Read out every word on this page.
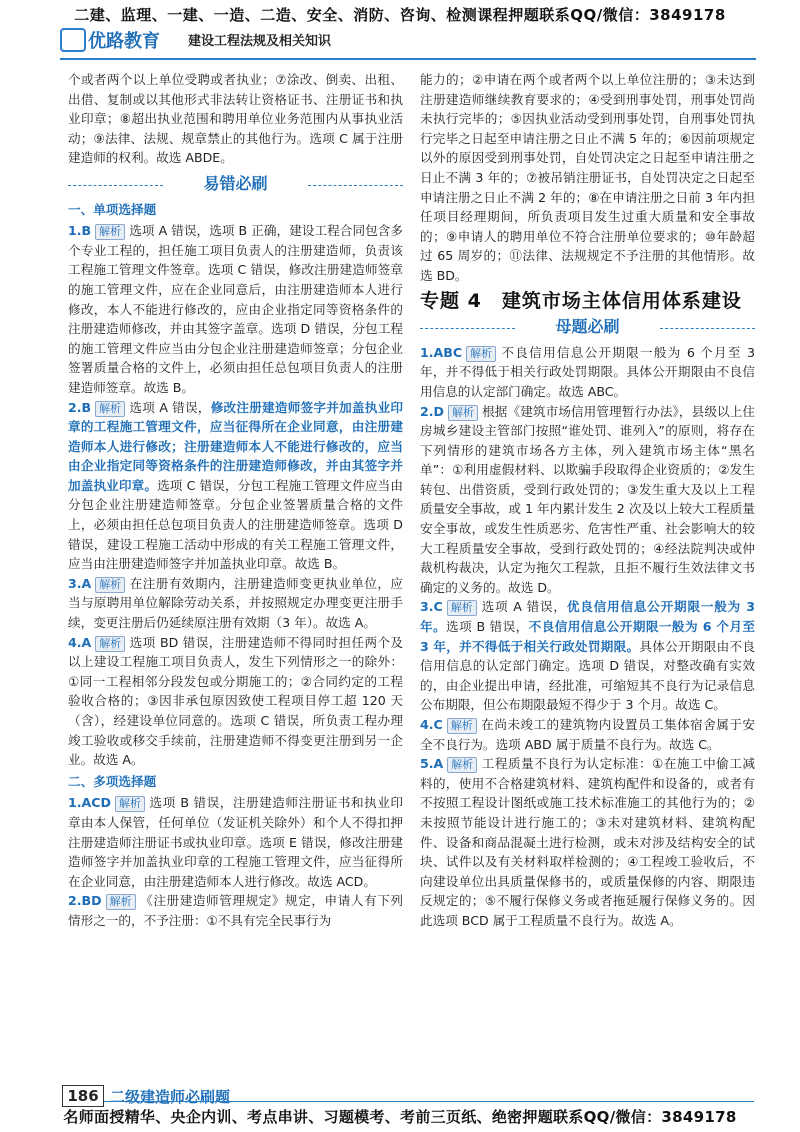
二建、监理、一建、一造、二造、安全、消防、咨询、检测课程押题联系QQ/微信：3849178
优路教育 建设工程法规及相关知识

个或者两个以上单位受聘或者执业；⑦涂改、倒卖、出租、出借、复制或以其他形式非法转让资格证书、注册证书和执业印章；⑧超出执业范围和聘用单位业务范围内从事执业活动；⑨法律、法规、规章禁止的其他行为。选项 C 属于注册建造师的权利。故选 ABDE。

易错必刷
一、单项选择题

1.B 解析 选项 A 错误，选项 B 正确，建设工程合同包含多个专业工程的，担任施工项目负责人的注册建造师，负责该工程施工管理文件签章。选项 C 错误，修改注册建造师签章的施工管理文件，应在企业同意后，由注册建造师本人进行修改，本人不能进行修改的，应由企业指定同等资格条件的注册建造师修改，并由其签字盖章。选项 D 错误，分包工程的施工管理文件应当由分包企业注册建造师签章；分包企业签署质量合格的文件上，必须由担任总包项目负责人的注册建造师签章。故选 B。

2.B 解析 选项 A 错误，修改注册建造师签字并加盖执业印章的工程施工管理文件，应当征得所在企业同意，由注册建造师本人进行修改；注册建造师本人不能进行修改的，应当由企业指定同等资格条件的注册建造师修改，并由其签字并加盖执业印章。选项 C 错误，分包工程施工管理文件应当由分包企业注册建造师签章。分包企业签署质量合格的文件上，必须由担任总包项目负责人的注册建造师签章。选项 D 错误，建设工程施工活动中形成的有关工程施工管理文件，应当由注册建造师签字并加盖执业印章。故选 B。

3.A 解析 在注册有效期内，注册建造师变更执业单位，应当与原聘用单位解除劳动关系，并按照规定办理变更注册手续，变更注册后仍延续原注册有效期（3 年）。故选 A。

4.A 解析 选项 BD 错误，注册建造师不得同时担任两个及以上建设工程施工项目负责人，发生下列情形之一的除外：①同一工程相邻分段发包或分期施工的；②合同约定的工程验收合格的；③因非承包原因致使工程项目停工超 120 天（含），经建设单位同意的。选项 C 错误，所负责工程办理竣工验收或移交手续前，注册建造师不得变更注册到另一企业。故选 A。

二、多项选择题

1.ACD 解析 选项 B 错误，注册建造师注册证书和执业印章由本人保管，任何单位（发证机关除外）和个人不得扣押注册建造师注册证书或执业印章。选项 E 错误，修改注册建造师签字并加盖执业印章的工程施工管理文件，应当征得所在企业同意，由注册建造师本人进行修改。故选 ACD。

2.BD 解析 《注册建造师管理规定》规定，申请人有下列情形之一的，不予注册：①不具有完全民事行为

能力的；②申请在两个或者两个以上单位注册的；③未达到注册建造师继续教育要求的；④受到刑事处罚，刑事处罚尚未执行完毕的；⑤因执业活动受到刑事处罚，自刑事处罚执行完毕之日起至申请注册之日止不满 5 年的；⑥因前项规定以外的原因受到刑事处罚，自处罚决定之日起至申请注册之日止不满 3 年的；⑦被吊销注册证书，自处罚决定之日起至申请注册之日止不满 2 年的；⑧在申请注册之日前 3 年内担任项目经理期间，所负责项目发生过重大质量和安全事故的；⑨申请人的聘用单位不符合注册单位要求的；⑩年龄超过 65 周岁的；⑪法律、法规规定不予注册的其他情形。故选 BD。

专题 4　建筑市场主体信用体系建设
母题必刷

1.ABC 解析 不良信用信息公开期限一般为 6 个月至 3 年，并不得低于相关行政处罚期限。具体公开期限由不良信用信息的认定部门确定。故选 ABC。

2.D 解析 根据《建筑市场信用管理暂行办法》，县级以上住房城乡建设主管部门按照“谁处罚、谁列入”的原则，将存在下列情形的建筑市场各方主体，列入建筑市场主体“黑名单”：①利用虚假材料、以欺骗手段取得企业资质的；②发生转包、出借资质，受到行政处罚的；③发生重大及以上工程质量安全事故，或 1 年内累计发生 2 次及以上较大工程质量安全事故，或发生性质恶劣、危害性严重、社会影响大的较大工程质量安全事故，受到行政处罚的；④经法院判决或仲裁机构裁决，认定为拖欠工程款，且拒不履行生效法律文书确定的义务的。故选 D。

3.C 解析 选项 A 错误，优良信用信息公开期限一般为 3 年。选项 B 错误，不良信用信息公开期限一般为 6 个月至 3 年，并不得低于相关行政处罚期限。具体公开期限由不良信用信息的认定部门确定。选项 D 错误，对整改确有实效的，由企业提出申请，经批准，可缩短其不良行为记录信息公布期限，但公布期限最短不得少于 3 个月。故选 C。

4.C 解析 在尚未竣工的建筑物内设置员工集体宿舍属于安全不良行为。选项 ABD 属于质量不良行为。故选 C。

5.A 解析 工程质量不良行为认定标准：①在施工中偷工减料的，使用不合格建筑材料、建筑构配件和设备的，或者有不按照工程设计图纸或施工技术标准施工的其他行为的；②未按照节能设计进行施工的；③未对建筑材料、建筑构配件、设备和商品混凝土进行检测，或未对涉及结构安全的试块、试件以及有关材料取样检测的；④工程竣工验收后，不向建设单位出具质量保修书的，或质量保修的内容、期限违反规定的；⑤不履行保修义务或者拖延履行保修义务的。因此选项 BCD 属于工程质量不良行为。故选 A。

186 二级建造师必刷题
名师面授精华、央企内训、考点串讲、习题模考、考前三页纸、绝密押题联系QQ/微信：3849178
